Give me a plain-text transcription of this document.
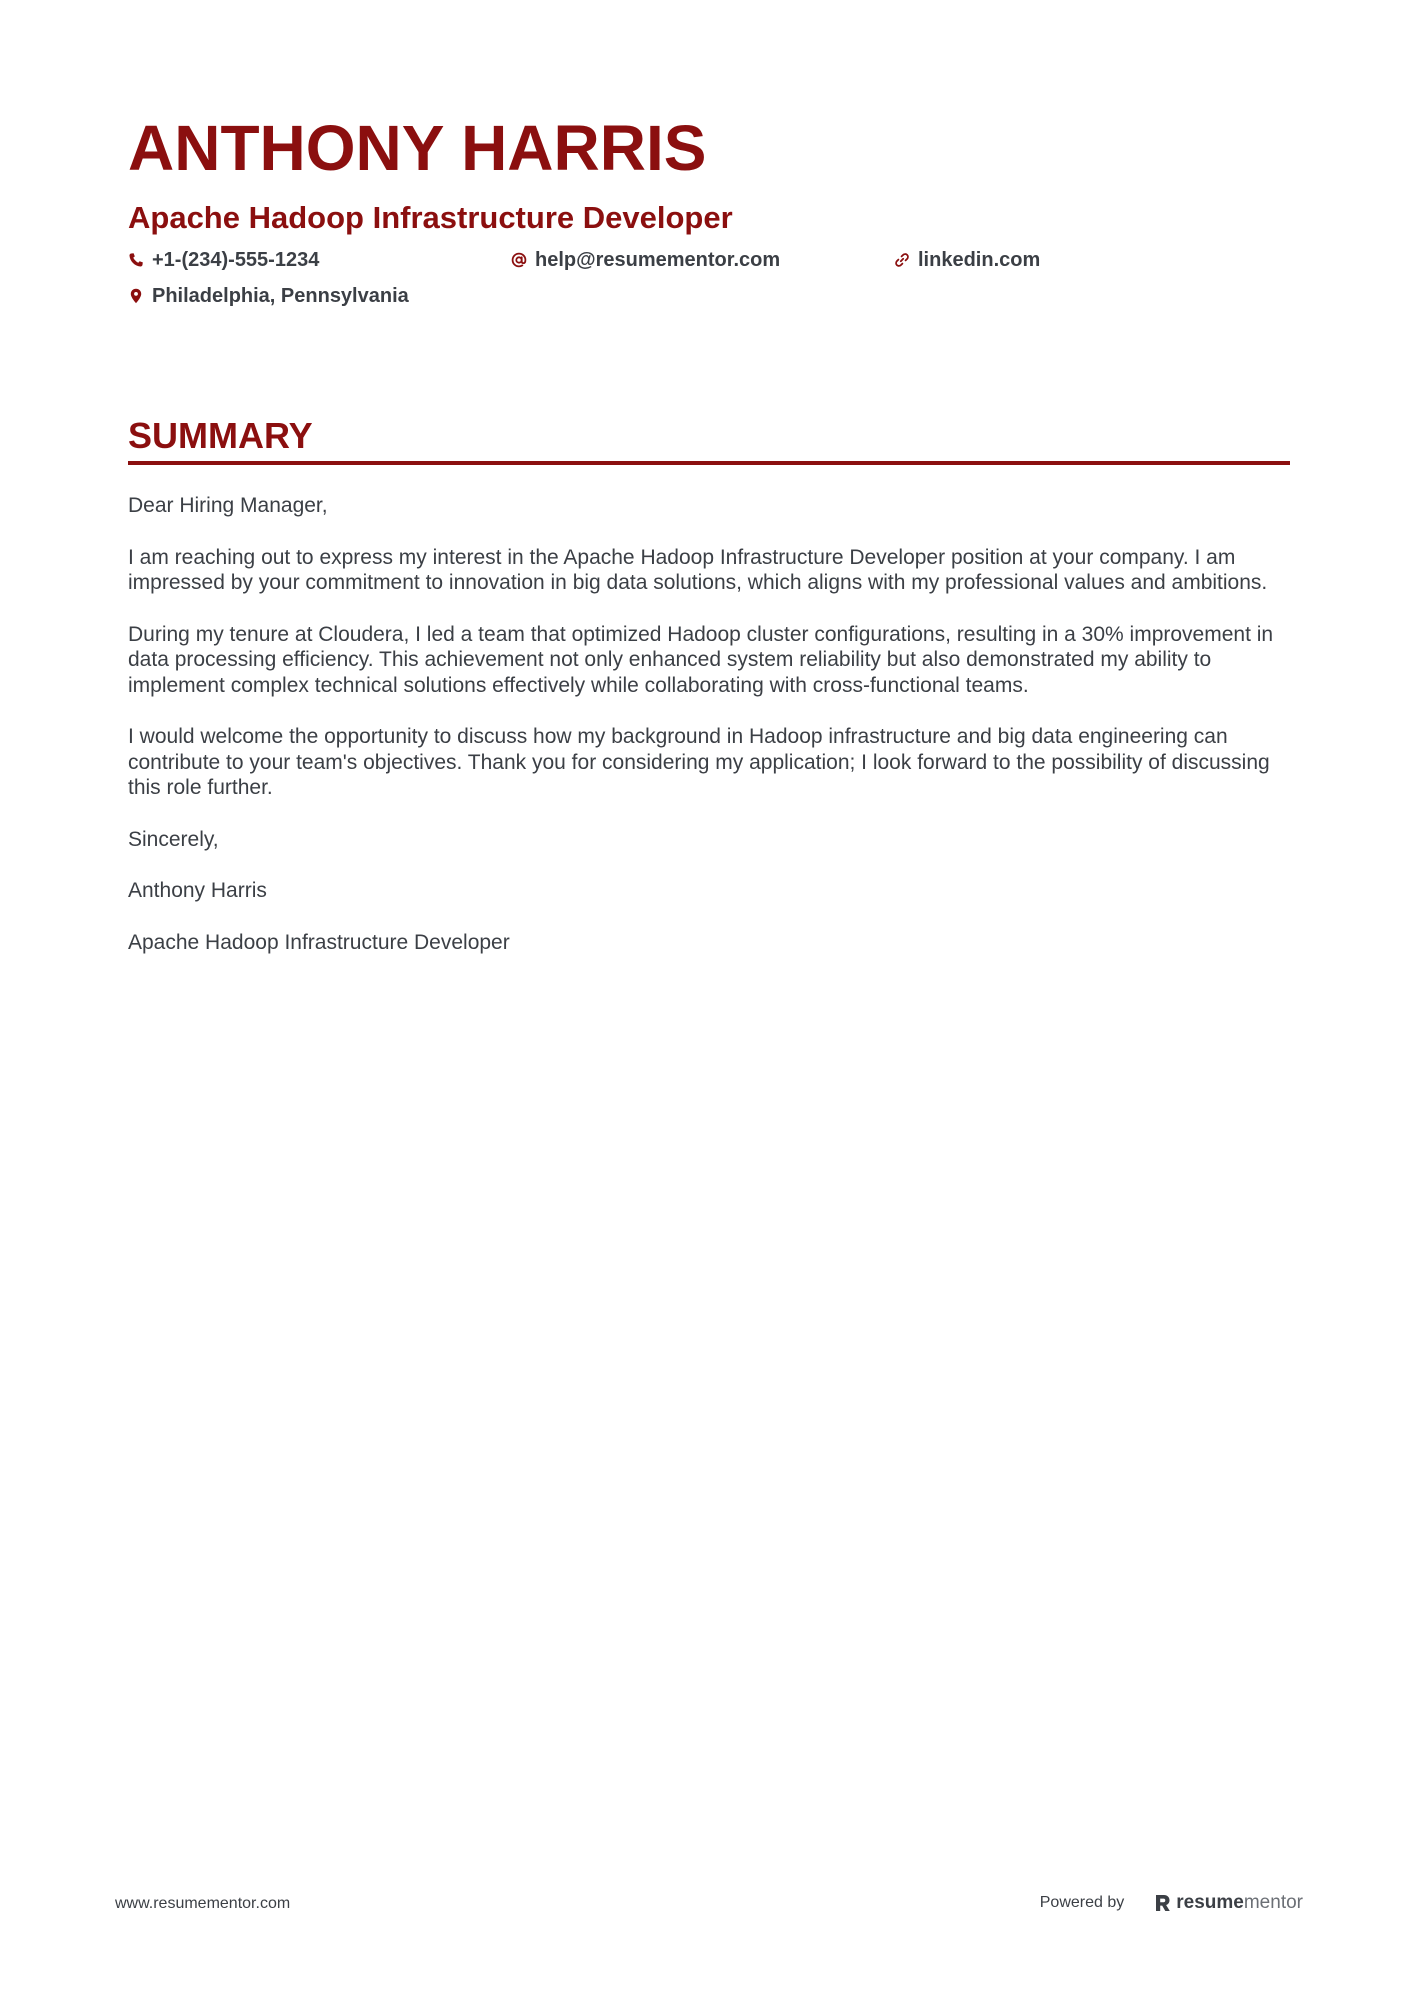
ANTHONY HARRIS
Apache Hadoop Infrastructure Developer
+1-(234)-555-1234	help@resumementor.com	linkedin.com
Philadelphia, Pennsylvania
SUMMARY

Dear Hiring Manager,

I am reaching out to express my interest in the Apache Hadoop Infrastructure Developer position at your company. I am impressed by your commitment to innovation in big data solutions, which aligns with my professional values and ambitions.

During my tenure at Cloudera, I led a team that optimized Hadoop cluster configurations, resulting in a 30% improvement in data processing efficiency. This achievement not only enhanced system reliability but also demonstrated my ability to implement complex technical solutions effectively while collaborating with cross-functional teams.

I would welcome the opportunity to discuss how my background in Hadoop infrastructure and big data engineering can contribute to your team's objectives. Thank you for considering my application; I look forward to the possibility of discussing this role further.

Sincerely,

Anthony Harris

Apache Hadoop Infrastructure Developer

www.resumementor.com	Powered by	resume mentor
